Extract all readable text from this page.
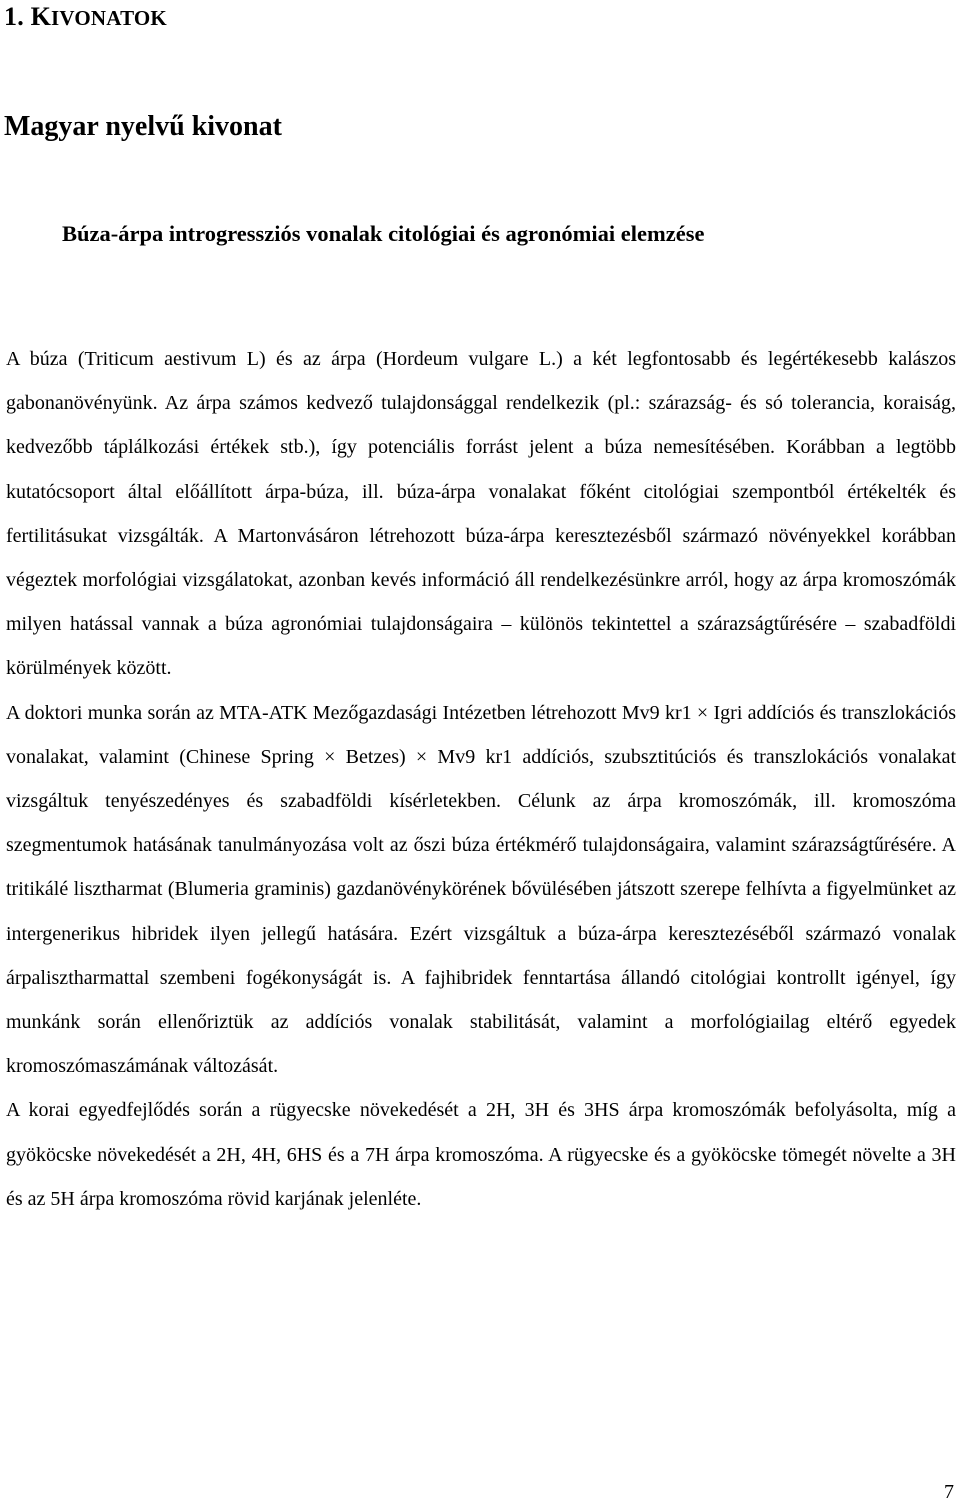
1. KIVONATOK
Magyar nyelvű kivonat
Búza-árpa introgressziós vonalak citológiai és agronómiai elemzése

A búza (Triticum aestivum L) és az árpa (Hordeum vulgare L.) a két legfontosabb és legértékesebb kalászos gabonanövényünk. Az árpa számos kedvező tulajdonsággal rendelkezik (pl.: szárazság- és só tolerancia, koraiság, kedvezőbb táplálkozási értékek stb.), így potenciális forrást jelent a búza nemesítésében. Korábban a legtöbb kutatócsoport által előállított árpa-búza, ill. búza-árpa vonalakat főként citológiai szempontból értékelték és fertilitásukat vizsgálták. A Martonvásáron létrehozott búza-árpa keresztezésből származó növényekkel korábban végeztek morfológiai vizsgálatokat, azonban kevés információ áll rendelkezésünkre arról, hogy az árpa kromoszómák milyen hatással vannak a búza agronómiai tulajdonságaira – különös tekintettel a szárazságtűrésére – szabadföldi körülmények között.

A doktori munka során az MTA-ATK Mezőgazdasági Intézetben létrehozott Mv9 kr1 × Igri addíciós és transzlokációs vonalakat, valamint (Chinese Spring × Betzes) × Mv9 kr1 addíciós, szubsztitúciós és transzlokációs vonalakat vizsgáltuk tenyészedényes és szabadföldi kísérletekben. Célunk az árpa kromoszómák, ill. kromoszóma szegmentumok hatásának tanulmányozása volt az őszi búza értékmérő tulajdonságaira, valamint szárazságtűrésére. A tritikálé lisztharmat (Blumeria graminis) gazdanövénykörének bővülésében játszott szerepe felhívta a figyelmünket az intergenerikus hibridek ilyen jellegű hatására. Ezért vizsgáltuk a búza-árpa keresztezéséből származó vonalak árpalisztharmattal szembeni fogékonyságát is. A fajhibridek fenntartása állandó citológiai kontrollt igényel, így munkánk során ellenőriztük az addíciós vonalak stabilitását, valamint a morfológiailag eltérő egyedek kromoszómaszámának változását.

A korai egyedfejlődés során a rügyecske növekedését a 2H, 3H és 3HS árpa kromoszómák befolyásolta, míg a gyököcske növekedését a 2H, 4H, 6HS és a 7H árpa kromoszóma. A rügyecske és a gyököcske tömegét növelte a 3H és az 5H árpa kromoszóma rövid karjának jelenléte.

7
